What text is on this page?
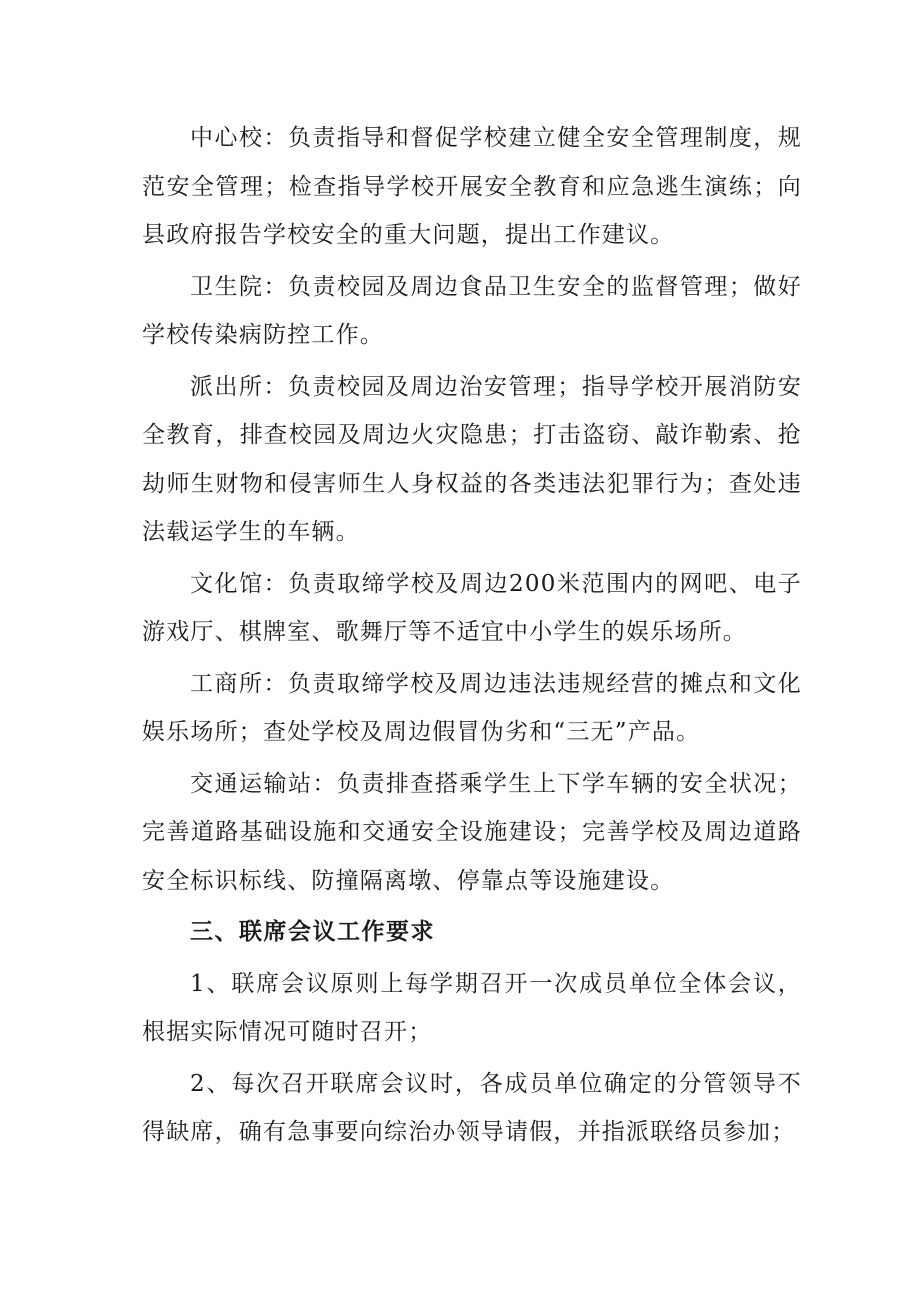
中心校：负责指导和督促学校建立健全安全管理制度，规范安全管理；检查指导学校开展安全教育和应急逃生演练；向县政府报告学校安全的重大问题，提出工作建议。

卫生院：负责校园及周边食品卫生安全的监督管理；做好学校传染病防控工作。

派出所：负责校园及周边治安管理；指导学校开展消防安全教育，排查校园及周边火灾隐患；打击盗窃、敲诈勒索、抢劫师生财物和侵害师生人身权益的各类违法犯罪行为；查处违法载运学生的车辆。

文化馆：负责取缔学校及周边200米范围内的网吧、电子游戏厅、棋牌室、歌舞厅等不适宜中小学生的娱乐场所。

工商所：负责取缔学校及周边违法违规经营的摊点和文化娱乐场所；查处学校及周边假冒伪劣和“三无”产品。

交通运输站：负责排查搭乘学生上下学车辆的安全状况；完善道路基础设施和交通安全设施建设；完善学校及周边道路安全标识标线、防撞隔离墩、停靠点等设施建设。

三、联席会议工作要求

1、联席会议原则上每学期召开一次成员单位全体会议，根据实际情况可随时召开；

2、每次召开联席会议时，各成员单位确定的分管领导不得缺席，确有急事要向综治办领导请假，并指派联络员参加；
